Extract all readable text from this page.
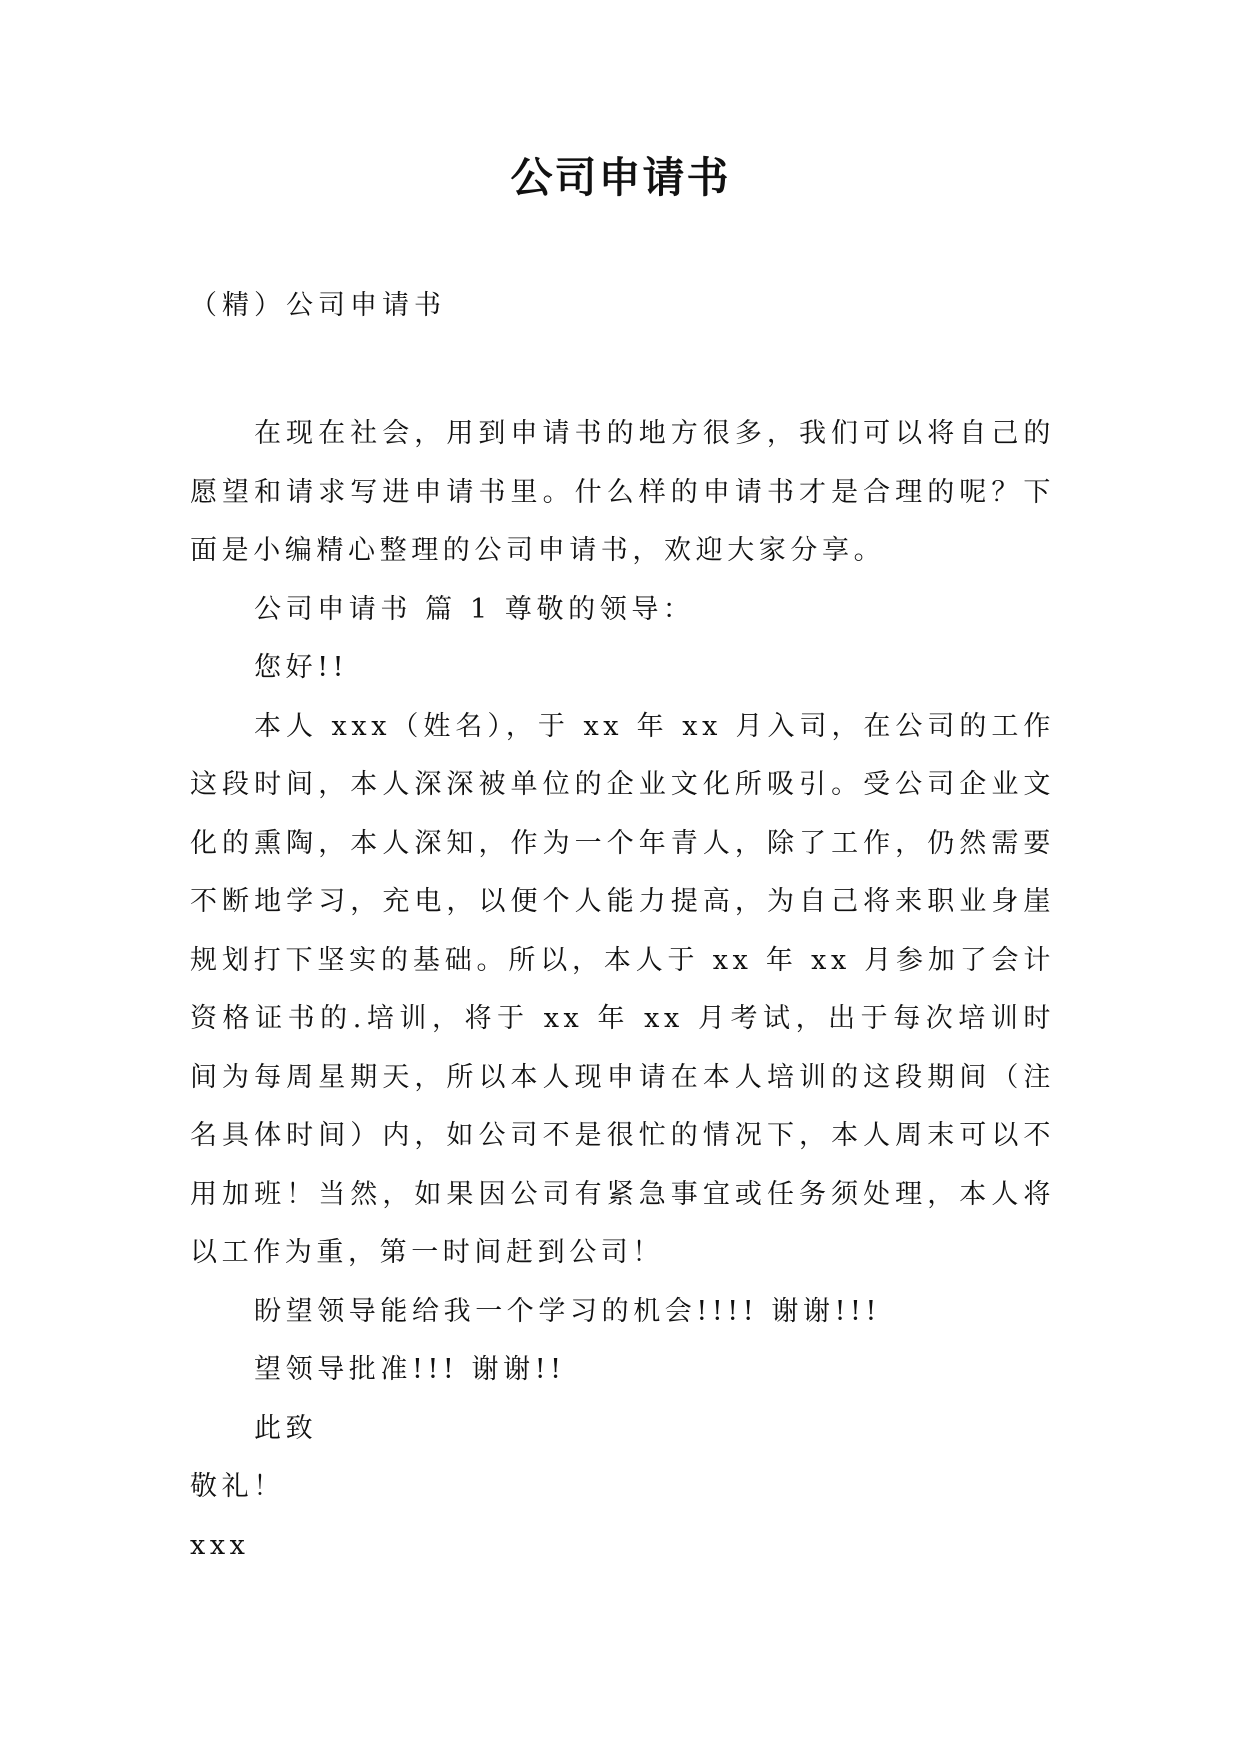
公司申请书
（精）公司申请书

在现在社会，用到申请书的地方很多，我们可以将自己的愿望和请求写进申请书里。什么样的申请书才是合理的呢？下面是小编精心整理的公司申请书，欢迎大家分享。

公司申请书 篇 1 尊敬的领导：

您好!!

本人 xxx（姓名），于 xx 年 xx 月入司，在公司的工作这段时间，本人深深被单位的企业文化所吸引。受公司企业文化的熏陶，本人深知，作为一个年青人，除了工作，仍然需要不断地学习，充电，以便个人能力提高，为自己将来职业身崖规划打下坚实的基础。所以，本人于 xx 年 xx 月参加了会计资格证书的.培训，将于 xx 年 xx 月考试，出于每次培训时间为每周星期天，所以本人现申请在本人培训的这段期间（注名具体时间）内，如公司不是很忙的情况下，本人周末可以不用加班！当然，如果因公司有紧急事宜或任务须处理，本人将以工作为重，第一时间赶到公司！

盼望领导能给我一个学习的机会!!!! 谢谢!!!

望领导批准!!! 谢谢!!

此致

敬礼！

xxx
